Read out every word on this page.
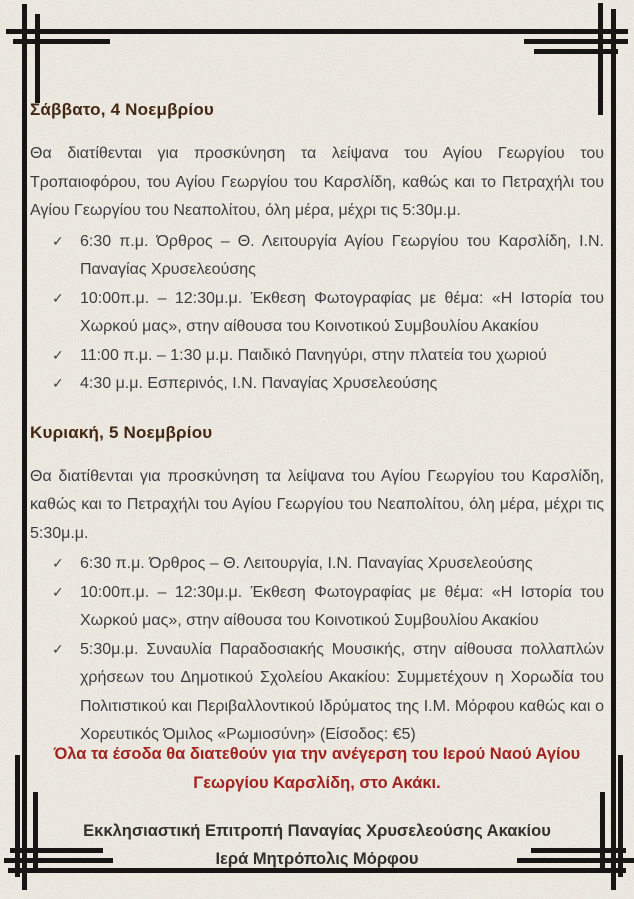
Σάββατο, 4 Νοεμβρίου

Θα διατίθενται για προσκύνηση τα λείψανα του Αγίου Γεωργίου του Τροπαιοφόρου, του Αγίου Γεωργίου του Καρσλίδη, καθώς και το Πετραχήλι του Αγίου Γεωργίου του Νεαπολίτου, όλη μέρα, μέχρι τις 5:30μ.μ.

✓ 6:30 π.μ. Όρθρος – Θ. Λειτουργία Αγίου Γεωργίου του Καρσλίδη, Ι.Ν. Παναγίας Χρυσελεούσης
✓ 10:00π.μ. – 12:30μ.μ. Έκθεση Φωτογραφίας με θέμα: «Η Ιστορία του Χωρκού μας», στην αίθουσα του Κοινοτικού Συμβουλίου Ακακίου
✓ 11:00 π.μ. – 1:30 μ.μ. Παιδικό Πανηγύρι, στην πλατεία του χωριού
✓ 4:30 μ.μ. Εσπερινός, Ι.Ν. Παναγίας Χρυσελεούσης
Κυριακή, 5 Νοεμβρίου

Θα διατίθενται για προσκύνηση τα λείψανα του Αγίου Γεωργίου του Καρσλίδη, καθώς και το Πετραχήλι του Αγίου Γεωργίου του Νεαπολίτου, όλη μέρα, μέχρι τις 5:30μ.μ.

✓ 6:30 π.μ. Όρθρος – Θ. Λειτουργία, Ι.Ν. Παναγίας Χρυσελεούσης
✓ 10:00π.μ. – 12:30μ.μ. Έκθεση Φωτογραφίας με θέμα: «Η Ιστορία του Χωρκού μας», στην αίθουσα του Κοινοτικού Συμβουλίου Ακακίου
✓ 5:30μ.μ. Συναυλία Παραδοσιακής Μουσικής, στην αίθουσα πολλαπλών χρήσεων του Δημοτικού Σχολείου Ακακίου: Συμμετέχουν η Χορωδία του Πολιτιστικού και Περιβαλλοντικού Ιδρύματος της Ι.Μ. Μόρφου καθώς και ο Χορευτικός Όμιλος «Ρωμιοσύνη» (Είσοδος: €5)

Όλα τα έσοδα θα διατεθούν για την ανέγερση του Ιερού Ναού Αγίου Γεωργίου Καρσλίδη, στο Ακάκι.

Εκκλησιαστική Επιτροπή Παναγίας Χρυσελεούσης Ακακίου

Ιερά Μητρόπολις Μόρφου
